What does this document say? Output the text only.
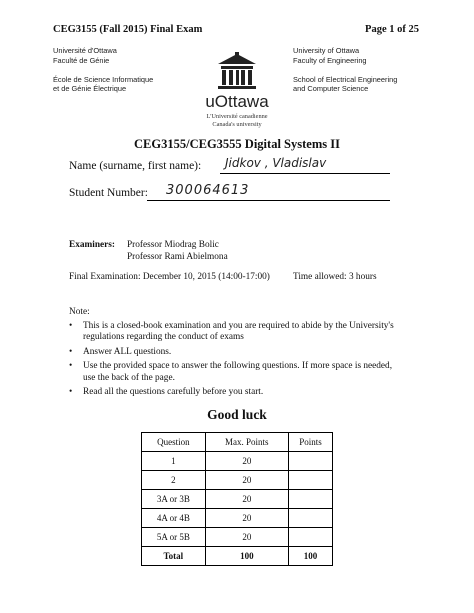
CEG3155 (Fall 2015) Final Exam	Page 1 of 25
Université d'Ottawa
Faculté de Génie
École de Science Informatique
et de Génie Électrique
University of Ottawa
Faculty of Engineering
School of Electrical Engineering
and Computer Science
uOttawa
L'Université canadienne
Canada's university
CEG3155/CEG3555 Digital Systems II
Name (surname, first name): Jidkov , Vladislav
Student Number: 300064613
Examiners: Professor Miodrag Bolic
Professor Rami Abielmona
Final Examination: December 10, 2015 (14:00-17:00) Time allowed: 3 hours
Note:
• This is a closed-book examination and you are required to abide by the University's regulations regarding the conduct of exams
• Answer ALL questions.
• Use the provided space to answer the following questions. If more space is needed, use the back of the page.
• Read all the questions carefully before you start.
Good luck
Question	Max. Points	Points
1	20	
2	20	
3A or 3B	20	
4A or 4B	20	
5A or 5B	20	
Total	100	100
